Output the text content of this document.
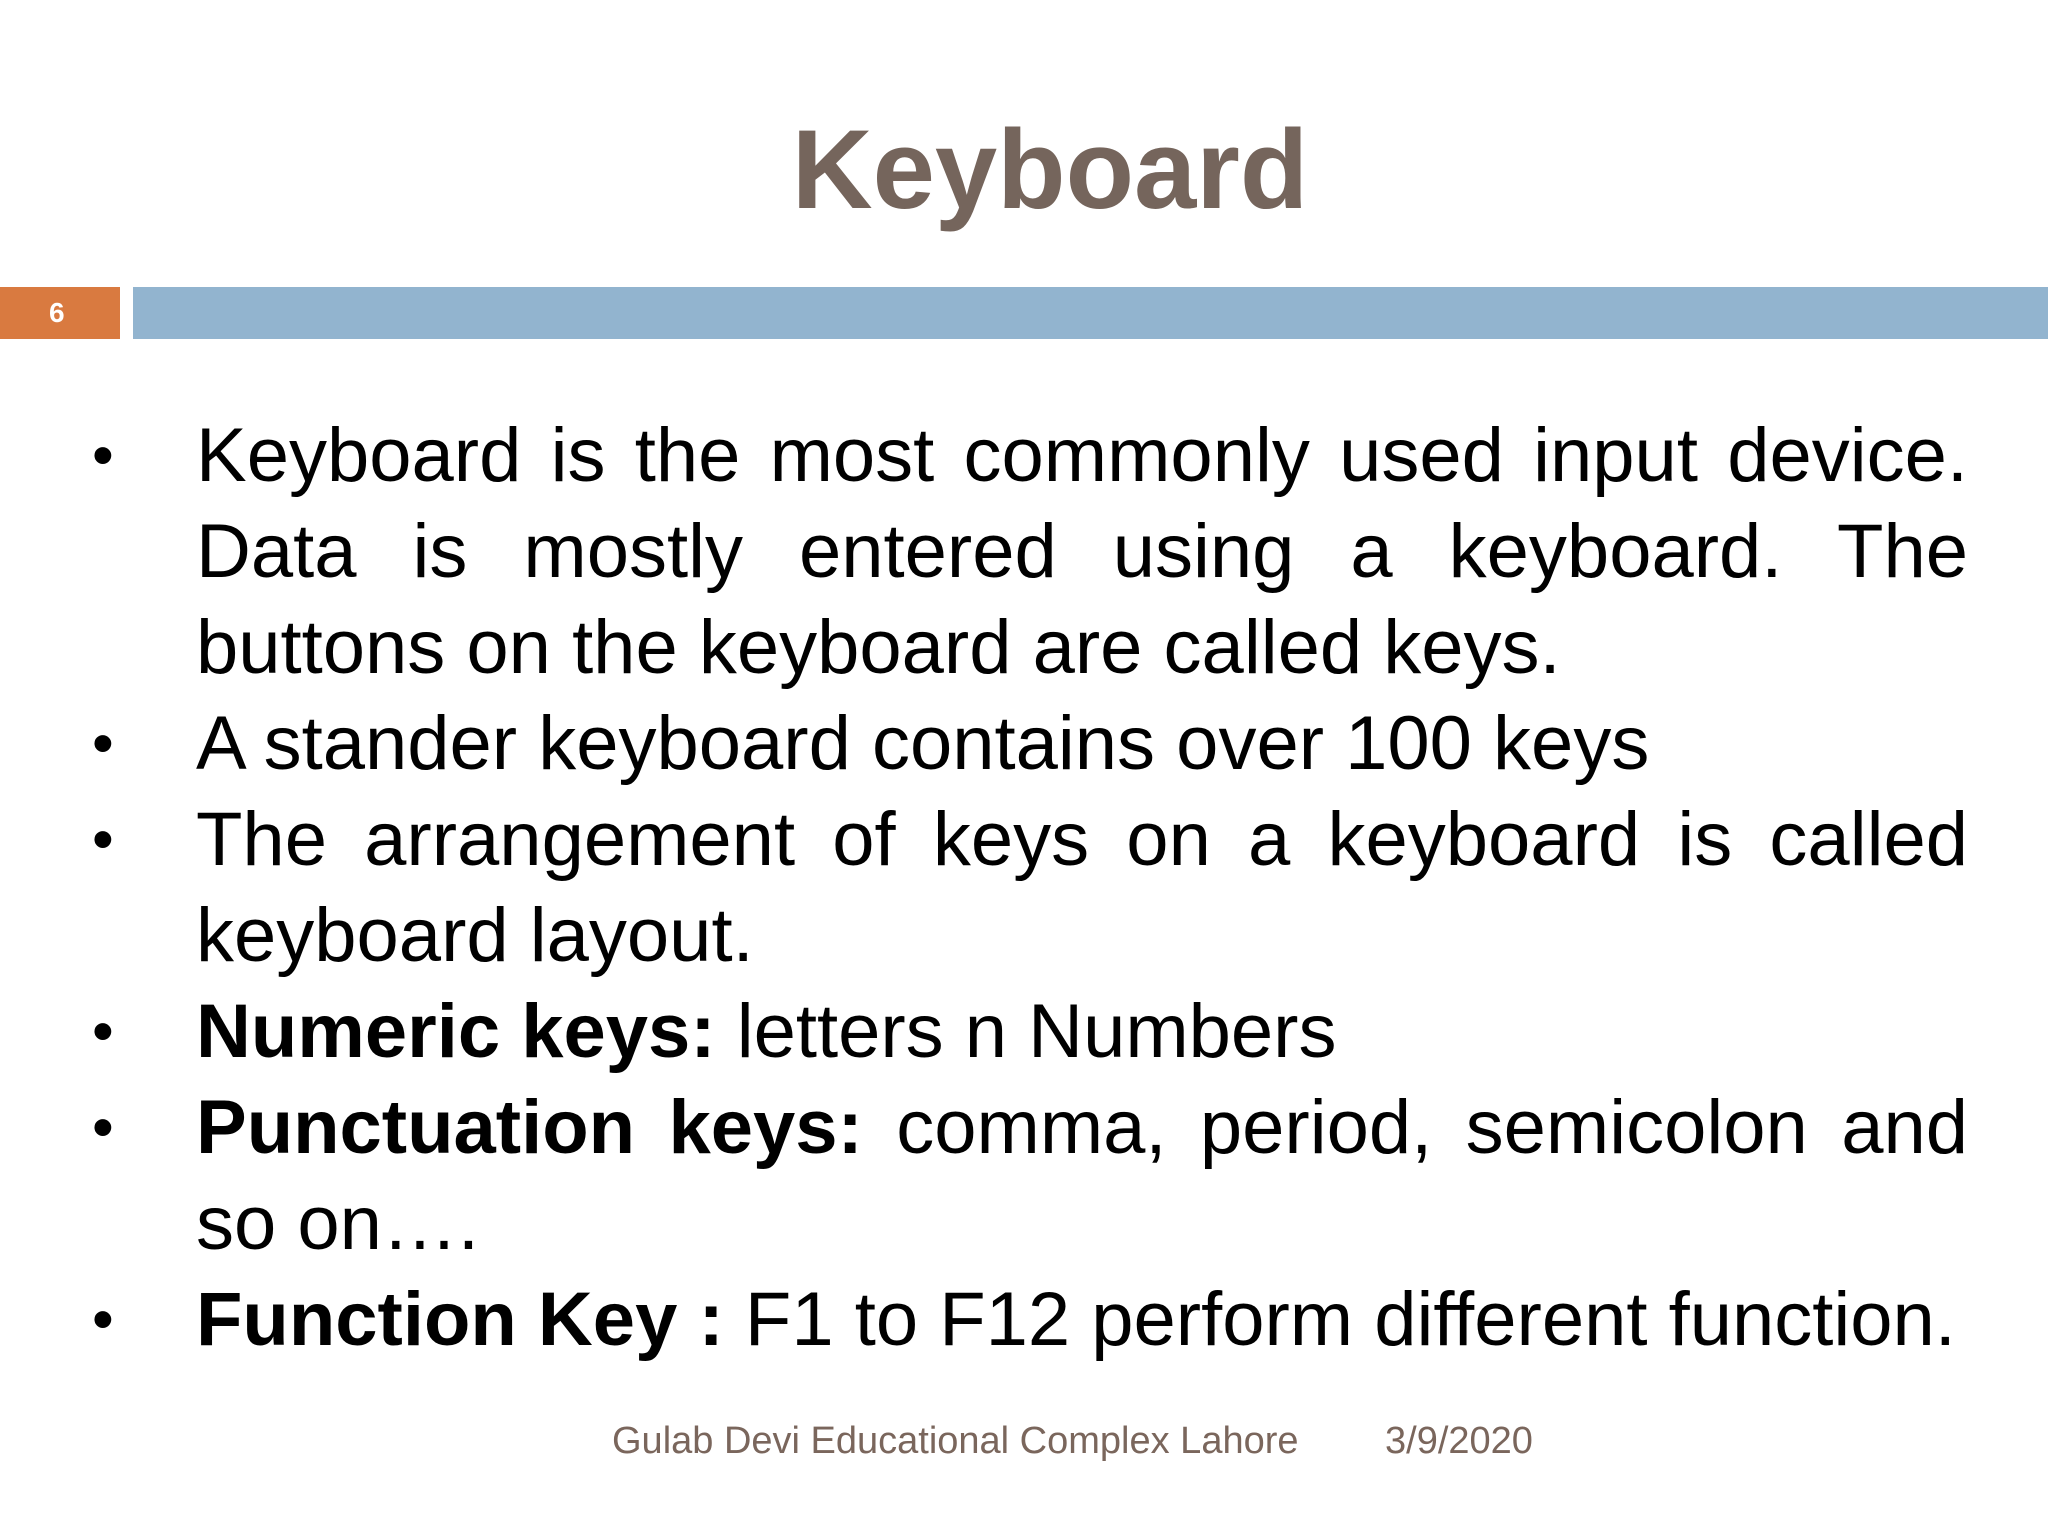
Keyboard
6
• Keyboard is the most commonly used input device. Data is mostly entered using a keyboard. The buttons on the keyboard are called keys.
• A stander keyboard contains over 100 keys
• The arrangement of keys on a keyboard is called keyboard layout.
• Numeric keys: letters n Numbers
• Punctuation keys: comma, period, semicolon and so on….
• Function Key : F1 to F12 perform different function.
Gulab Devi Educational Complex Lahore 3/9/2020
